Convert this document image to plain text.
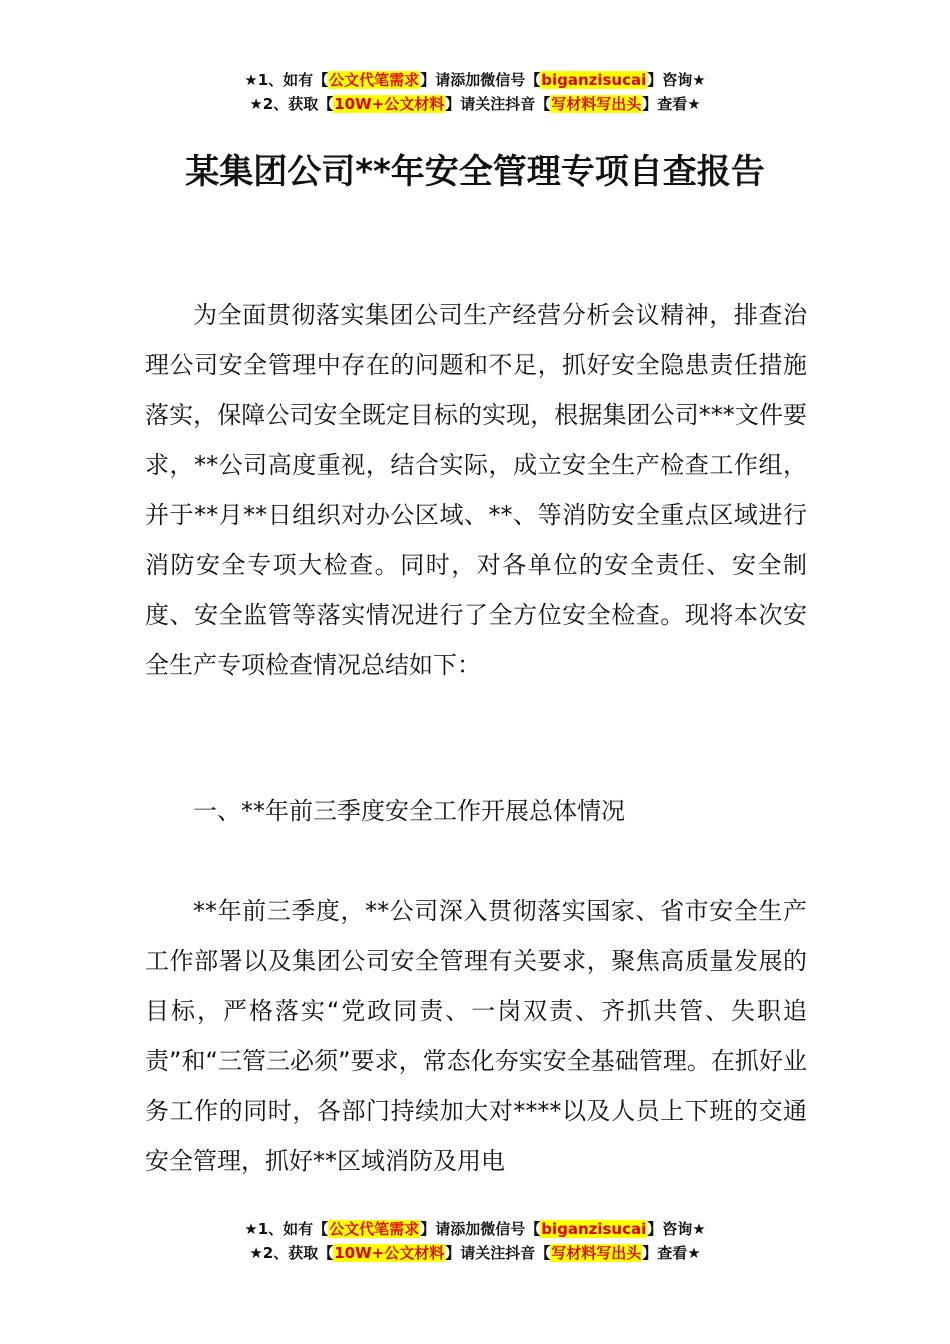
★1、如有【公文代笔需求】请添加微信号【biganzisucai】咨询★
★2、获取【10W+公文材料】请关注抖音【写材料写出头】查看★
某集团公司**年安全管理专项自查报告

为全面贯彻落实集团公司生产经营分析会议精神，排查治理公司安全管理中存在的问题和不足，抓好安全隐患责任措施落实，保障公司安全既定目标的实现，根据集团公司***文件要求，**公司高度重视，结合实际，成立安全生产检查工作组，并于**月**日组织对办公区域、**、等消防安全重点区域进行消防安全专项大检查。同时，对各单位的安全责任、安全制度、安全监管等落实情况进行了全方位安全检查。现将本次安全生产专项检查情况总结如下：

一、**年前三季度安全工作开展总体情况

**年前三季度，**公司深入贯彻落实国家、省市安全生产工作部署以及集团公司安全管理有关要求，聚焦高质量发展的目标，严格落实“党政同责、一岗双责、齐抓共管、失职追责”和“三管三必须”要求，常态化夯实安全基础管理。在抓好业务工作的同时，各部门持续加大对****以及人员上下班的交通安全管理，抓好**区域消防及用电

★1、如有【公文代笔需求】请添加微信号【biganzisucai】咨询★
★2、获取【10W+公文材料】请关注抖音【写材料写出头】查看★
